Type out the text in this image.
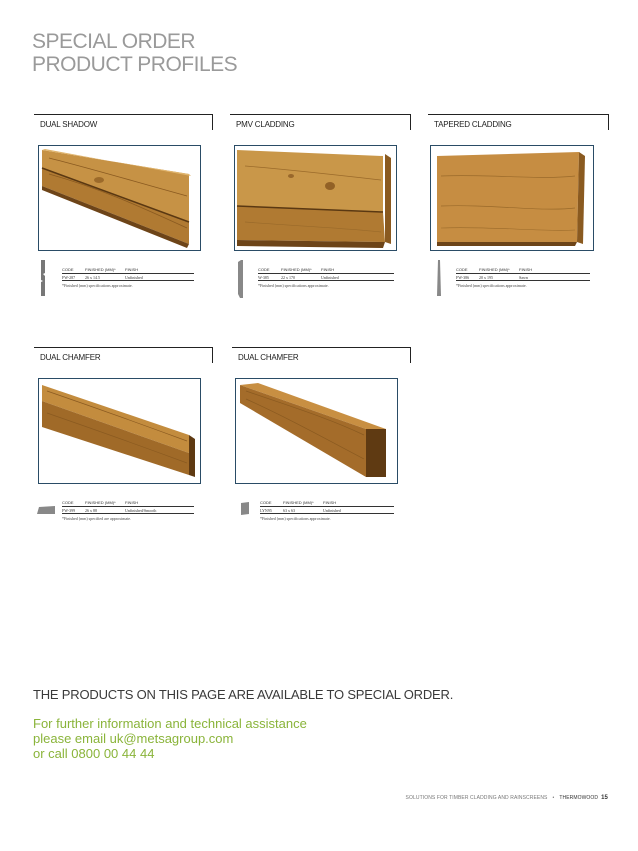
SPECIAL ORDER
PRODUCT PROFILES
DUAL SHADOW
CODE	FINISHED (MM)* FINISH
FW-287 26 x 14.5	Unfinished
*Finished (mm) specifications approximate.
PMV CLADDING
CODE	FINISHED (MM)* FINISH
W-385	22 x 170	Unfinished
*Finished (mm) specifications approximate.
TAPERED CLADDING
CODE	FINISHED (MM)* FINISH
FW-386 20 x 195	Sawn
*Finished (mm) specifications approximate.
DUAL CHAMFER
CODE	FINISHED (MM)* FINISH
FW-399 26 x 88	Unfinished/Smooth
*Finished (mm) specified are approximate.
DUAL CHAMFER
CODE	FINISHED (MM)* FINISH
LYN95	63 x 63	Unfinished
*Finished (mm) specifications approximate.
THE PRODUCTS ON THIS PAGE ARE AVAILABLE TO SPECIAL ORDER.
For further information and technical assistance
please email uk@metsagroup.com
or call 0800 00 44 44
SOLUTIONS FOR TIMBER CLADDING AND RAINSCREENS • THERMOWOOD 15
